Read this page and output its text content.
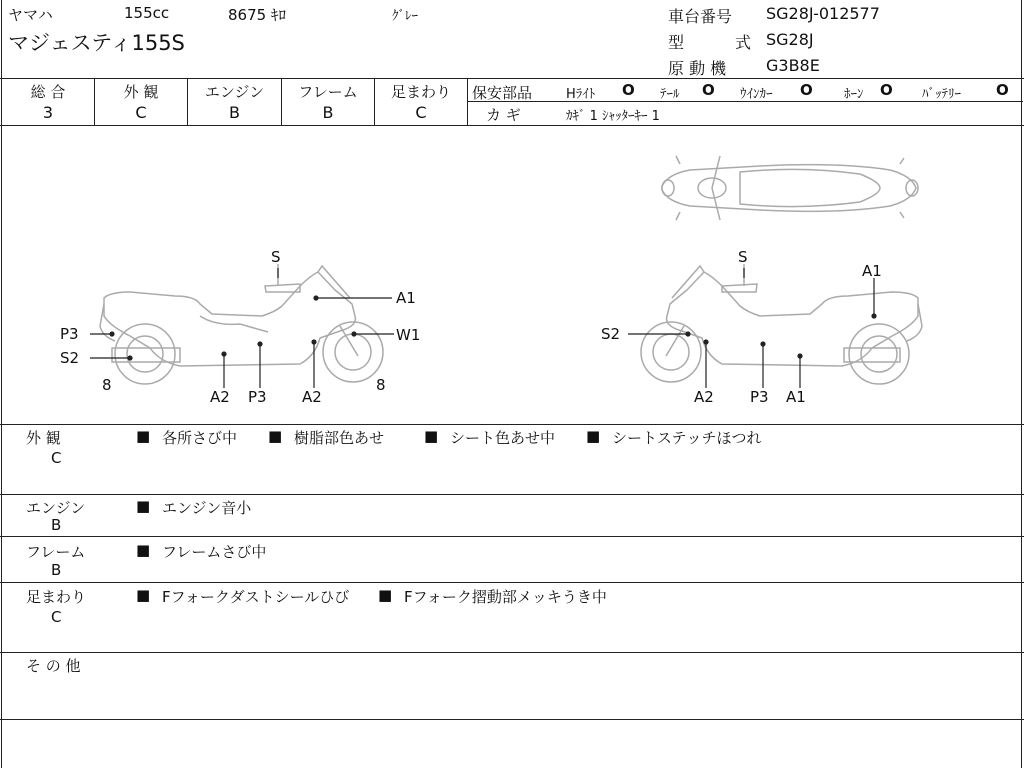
ヤマハ	155cc	8675 ｷﾛ	ｸﾞﾚｰ
マジェスティ155S
車台番号 SG28J-012577
型	式 SG28J
原 動 機 G3B8E
総 合
3
外 観
C
エンジン
B
フレーム
B
足まわり
C
保安部品	Hﾗｲﾄ O ﾃｰﾙ O ｳｲﾝｶｰ O ﾎｰﾝ O ﾊﾞｯﾃﾘｰ O
カ ギ	ｶｷﾞ 1 ｼｬｯﾀｰｷｰ 1
S
A1
W1
P3
S2
8
A2 P3 A2
8
S
A1
S2
A2 P3 A1
外 観
C
■ 各所さび中 ■ 樹脂部色あせ	■ シート色あせ中 ■ シートステッチほつれ
エンジン
B
■ エンジン音小
フレーム
B
■ フレームさび中
足まわり
C
■ Fフォークダストシールひび ■ Fフォーク摺動部メッキうき中
そ の 他
